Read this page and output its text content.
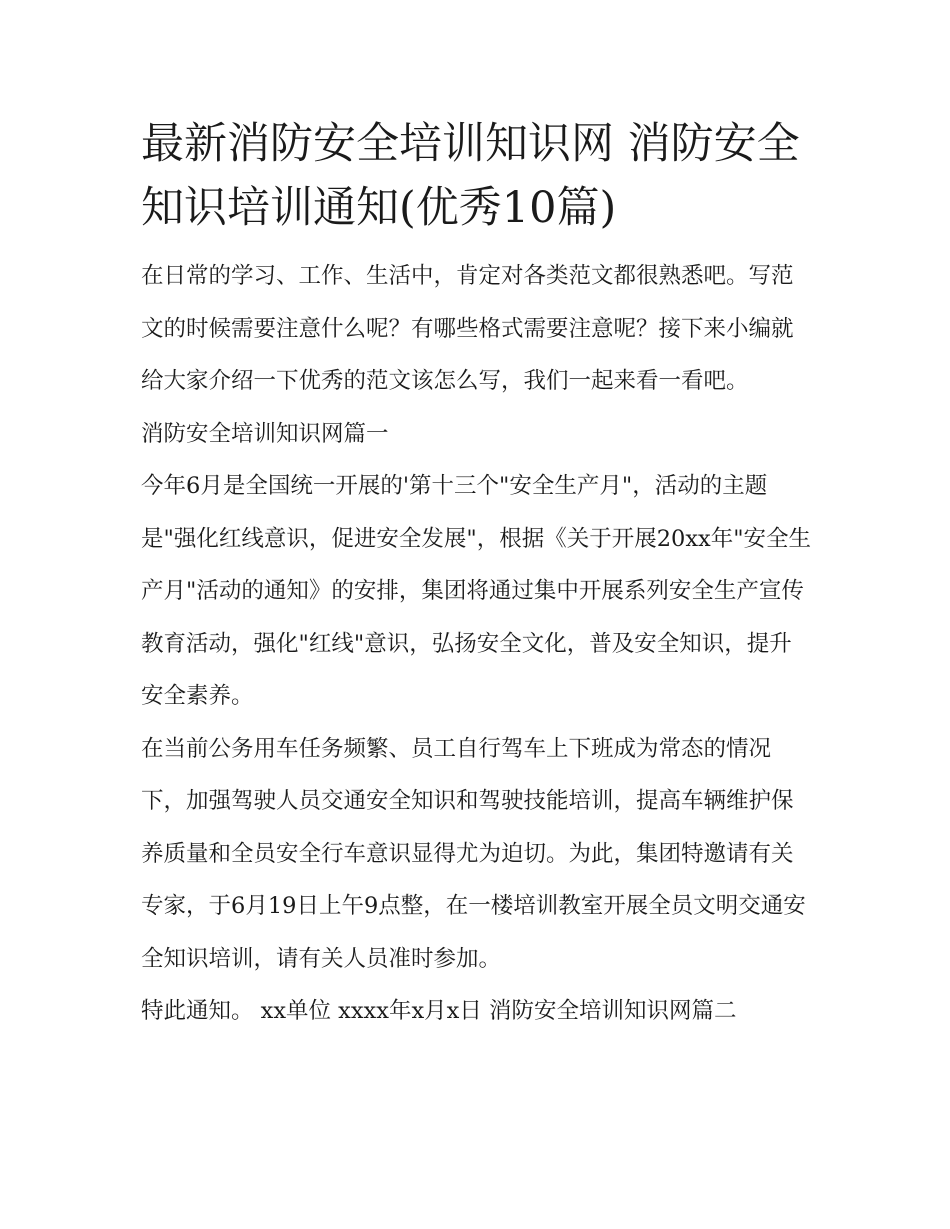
最新消防安全培训知识网 消防安全知识培训通知(优秀10篇)

在日常的学习、工作、生活中，肯定对各类范文都很熟悉吧。写范文的时候需要注意什么呢？有哪些格式需要注意呢？接下来小编就给大家介绍一下优秀的范文该怎么写，我们一起来看一看吧。

消防安全培训知识网篇一

今年6月是全国统一开展的'第十三个"安全生产月"，活动的主题是"强化红线意识，促进安全发展"，根据《关于开展20xx年"安全生产月"活动的通知》的安排，集团将通过集中开展系列安全生产宣传教育活动，强化"红线"意识，弘扬安全文化，普及安全知识，提升安全素养。

在当前公务用车任务频繁、员工自行驾车上下班成为常态的情况下，加强驾驶人员交通安全知识和驾驶技能培训，提高车辆维护保养质量和全员安全行车意识显得尤为迫切。为此，集团特邀请有关专家，于6月19日上午9点整，在一楼培训教室开展全员文明交通安全知识培训，请有关人员准时参加。

特此通知。 xx单位 xxxx年x月x日 消防安全培训知识网篇二
